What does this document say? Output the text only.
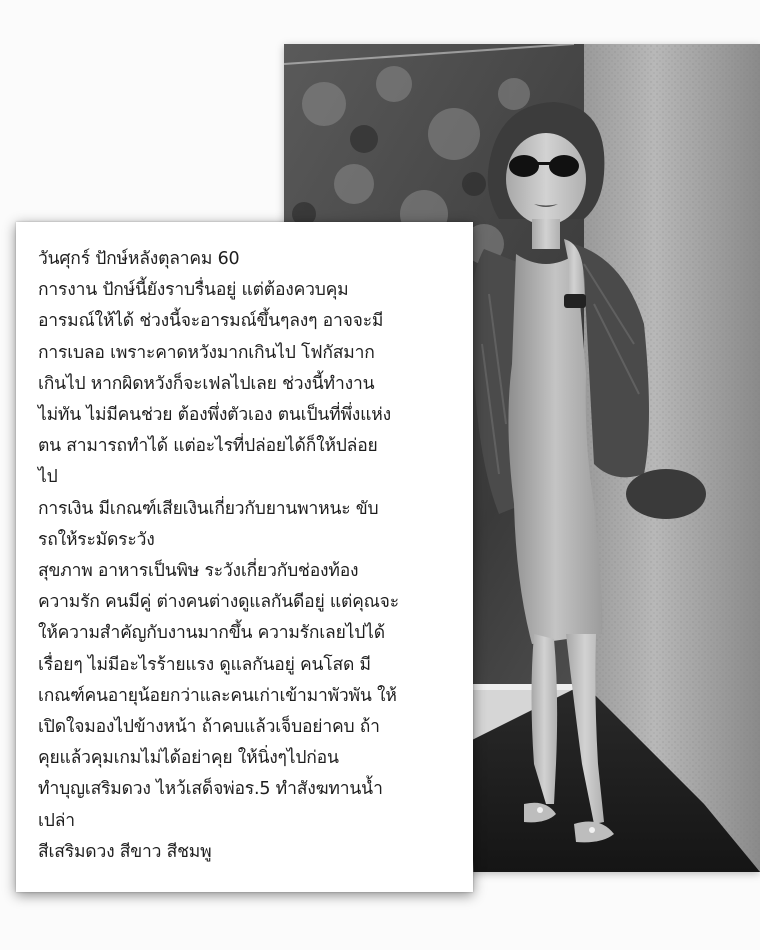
วันศุกร์ ปักษ์หลังตุลาคม 60
การงาน ปักษ์นี้ยังราบรื่นอยู่ แต่ต้องควบคุม
อารมณ์ให้ได้ ช่วงนี้จะอารมณ์ขึ้นๆลงๆ อาจจะมี
การเบลอ เพราะคาดหวังมากเกินไป โฟกัสมาก
เกินไป หากผิดหวังก็จะเฟลไปเลย ช่วงนี้ทำงาน
ไม่ทัน ไม่มีคนช่วย ต้องพึ่งตัวเอง ตนเป็นที่พึ่งแห่ง
ตน สามารถทำได้ แต่อะไรที่ปล่อยได้ก็ให้ปล่อย
ไป
การเงิน มีเกณฑ์เสียเงินเกี่ยวกับยานพาหนะ ขับ
รถให้ระมัดระวัง
สุขภาพ อาหารเป็นพิษ ระวังเกี่ยวกับช่องท้อง
ความรัก คนมีคู่ ต่างคนต่างดูแลกันดีอยู่ แต่คุณจะ
ให้ความสำคัญกับงานมากขึ้น ความรักเลยไปได้
เรื่อยๆ ไม่มีอะไรร้ายแรง ดูแลกันอยู่ คนโสด มี
เกณฑ์คนอายุน้อยกว่าและคนเก่าเข้ามาพัวพัน ให้
เปิดใจมองไปข้างหน้า ถ้าคบแล้วเจ็บอย่าคบ ถ้า
คุยแล้วคุมเกมไม่ได้อย่าคุย ให้นิ่งๆไปก่อน
ทำบุญเสริมดวง ไหว้เสด็จพ่อร.5 ทำสังฆทานน้ำ
เปล่า
สีเสริมดวง สีขาว สีชมพู
